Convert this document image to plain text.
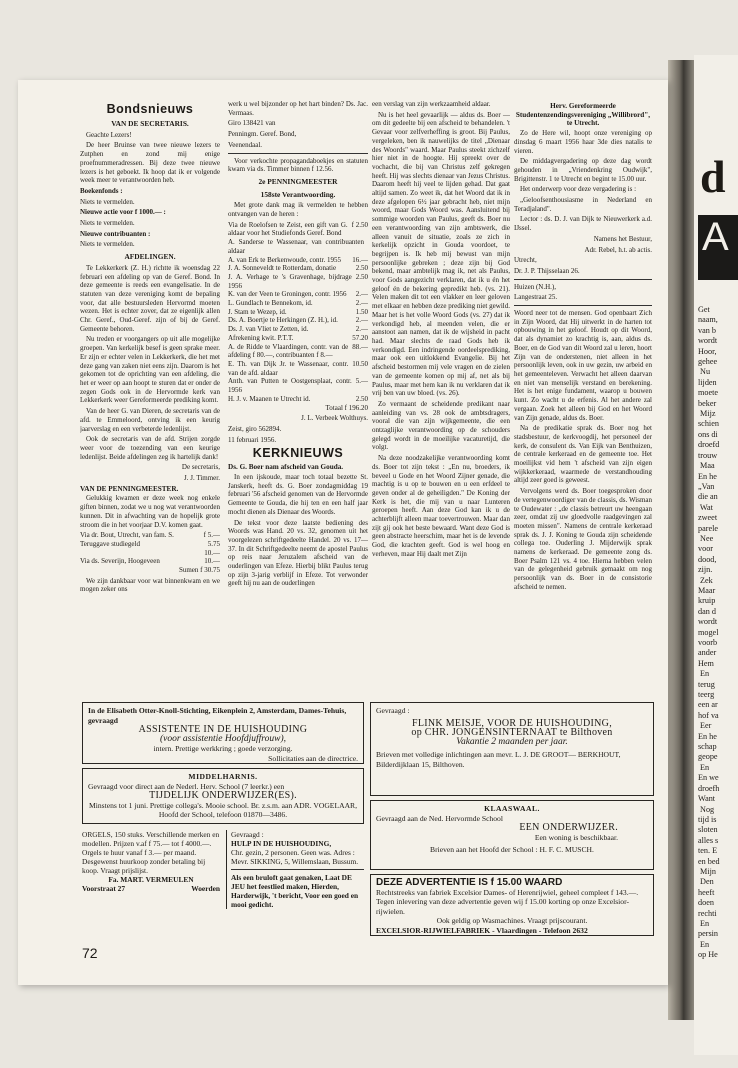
d
A
Get
naam,
van b
wordt
Hoor,
gehee
Nu
lijden
moete
beker
Mijz
schien
ons di
droefd
trouw
Maa
En he
„Van
die an
Wat
zweet
parele
Nee
voor
dood,
zijn.
Zek
Maar
kruip
dan d
wordt
mogel
voorb
ander
Hem
En
terug
teerg
een ar
hof va
Eer
En he
schap
geope
En
En we
droefh
Want
Nog
tijd is
sloten
alles s
ten. E
en bed
Mijn
Den
heeft
doen
rechti
En
persin
En
op He
Bondsnieuws
VAN DE SECRETARIS.

Geachte Lezers!

De heer Bruinse van twee nieuwe lezers te Zutphen en zond mij enige proefnummeradressen. Bij deze twee nieuwe lezers is het geboekt. Ik hoop dat ik er volgende week meer te verantwoorden heb.

Boekenfonds :

Niets te vermelden.

Nieuwe actie voor f 1000.— :

Niets te vermelden.

Nieuwe contribuanten :

Niets te vermelden.

AFDELINGEN.

Te Lekkerkerk (Z. H.) richtte ik woensdag 22 februari een afdeling op van de Geref. Bond. In deze gemeente is reeds een evangelisatie. In de statuten van deze vereniging komt de bepaling voor, dat alle bestuursleden Hervormd moeten wezen. Het is echter zover, dat ze eigenlijk allen Chr. Geref., Oud-Geref. zijn of bij de Geref. Gemeente behoren.

Nu treden er voorgangers op uit alle mogelijke groepen. Van kerkelijk besef is geen sprake meer. Er zijn er echter velen in Lekkerkerk, die het met deze gang van zaken niet eens zijn. Daarom is het gekomen tot de oprichting van een afdeling, die het er weer op aan hoopt te sturen dat er onder de zegen Gods ook in de Hervormde kerk van Lekkerkerk weer Gereformeerde prediking komt.

Van de heer G. van Dieren, de secretaris van de afd. te Emmeloord, ontving ik een keurig jaarverslag en een verbeterde ledenlijst.

Ook de secretaris van de afd. Strijen zorgde weer voor de toezending van een keurige ledenlijst. Beide afdelingen zeg ik hartelijk dank!

De secretaris,

J. J. Timmer.

VAN DE PENNINGMEESTER.

Gelukkig kwamen er deze week nog enkele giften binnen, zodat we u nog wat verantwoorden kunnen. Dit in afwachting van de hopelijk grote stroom die in het voorjaar D.V. komen gaat.

Via dr. Bout, Utrecht, van fam. S.	f 5.—
Teruggave studiegeld	5.75
10.—
Via ds. Severijn, Hoogeveen	10.—

Sumen f 30.75

We zijn dankbaar voor wat binnenkwam en we mogen zeker ons

werk u wel bijzonder op het hart binden? Ds. Jac. Vermaas.

Giro 138421 van

Penningm. Geref. Bond,

Veenendaal.

Voor verkochte propagandaboekjes en statuten kwam via ds. Timmer binnen f 12.56.

2e PENNINGMEESTER
158ste Verantwoording.

Met grote dank mag ik vermelden te hebben ontvangen van de heren :

Via de Roelofsen te Zeist, een gift van G. aldaar voor het Studiefonds Geref. Bond
f 2.50
A. Sanderse te Wassenaar, van contribuanten aldaar
A. van Erk te Berkenwoude, contr. 1955	16.—
J. A. Sonneveldt te Rotterdam, donatie	2.50
J. A. Verhage te 's Gravenhage, bijdrage 1956
2.50
K. van der Veen te Groningen, contr. 1956	2.—
L. Gundlach te Bennekom, id.	2.—
J. Stam te Wezep, id.	1.50
Ds. A. Boertje te Herkingen (Z. H.), id.	2.—
Ds. J. van Vliet te Zetten, id.	2.—
Afrekening kwit. P.T.T.	57.20
A. de Ridde te Vlaardingen, contr. van de afdeling f 80.—, contribuanten f 8.—
88.—
E. Th. van Dijk Jr. te Wassenaar, contr. van de afd. aldaar
10.50
Anth. van Putten te Oostgensplaat, contr. 1956
5.—
H. J. v. Maanen te Utrecht id.	2.50

Totaal f 196.20

J. L. Verbeek Wolthuys.

Zeist, giro 562894.

11 februari 1956.

KERKNIEUWS
Ds. G. Boer nam afscheid van Gouda.

In een ijskoude, maar toch totaal bezette St. Janskerk, heeft ds. G. Boer zondagmiddag 19 februari '56 afscheid genomen van de Hervormde Gemeente te Gouda, die hij ten en een half jaar mocht dienen als Dienaar des Woords.

De tekst voor deze laatste bediening des Woords was Hand. 20 vs. 32, genomen uit het voorgelezen schriftgedeelte Handel. 20 vs. 17—37. In dit Schriftgedeelte neemt de apostel Paulus op reis naar Jeruzalem afscheid van de ouderlingen van Efeze. Hierbij blikt Paulus terug op zijn 3-jarig verblijf in Efeze. Tot verwonder geeft hij nu aan de ouderlingen

een verslag van zijn werkzaamheid aldaar.

Nu is het heel gevaarlijk — aldus ds. Boer — om dit gedeelte bij een afscheid te behandelen. 't Gevaar voor zelfverheffing is groot. Bij Paulus, vergeleken, ben ik nauwelijks de titel „Dienaar des Woords" waard. Maar Paulus steekt zichzelf hier niet in de hoogte. Hij spreekt over de vochacht, die bij van Christus zelf gekregen heeft. Hij was slechts dienaar van Jezus Christus. Daarom heeft hij veel te lijden gehad. Dat gaat altijd samen. Zo weet ik, dat het Woord dat ik in deze afgelopen 6½ jaar gebracht heb, niet mijn woord, maar Gods Woord was. Aansluitend bij sommige woorden van Paulus, geeft ds. Boer nu een verantwoording van zijn ambtswerk, die alleen vanuit de situatie, zoals ze zich in kerkelijk opzicht in Gouda voordoet, te begrijpen is. Ik heb mij bewust van mijn persoonlijke gebreken ; deze zijn bij God bekend, maar ambtelijk mag ik, net als Paulus, voor Gods aangezicht verklaren, dat ik u én het geloof én de bekering gepredikt heb. (vs. 21). Velen maken dit tot een vlakker en leer geloven met elkaar en hebben deze prediking niet gewild. Maar het is het volle Woord Gods (vs. 27) dat ik verkondigd heb, al meenden velen, die er aanstoot aan namen, dat ik de wijsheid in pacht had. Maar slechts de raad Gods heb ik verkondigd. Een indringende oordeelsprediking, maar ook een uitlokkend Evangelie. Bij het afscheid bestormen mij vele vragen en de zielen van de gemeente komen op mij af, net als bij Paulus, maar met hem kan ik nu verklaren dat ik vrij ben van uw bloed. (vs. 26).

Zo vermaant de scheidende predikant naar aanleiding van vs. 28 ook de ambtsdragers, vooral die van zijn wijkgemeente, die een ontzaglijke verantwoording op de schouders gelegd wordt in de moeilijke vacaturetijd, die volgt.

Na deze noodzakelijke verantwoording komt ds. Boer tot zijn tekst : „En nu, broeders, ik beveel u Gode en het Woord Zijner genade, die machtig is u op te bouwen en u een erfdeel te geven onder al de geheiligden." De Koning der Kerk is het, die mij van u naar Lunteren geroepen heeft. Aan deze God kan ik u de achterblijft alleen maar toevertrouwen. Maar dan zijt gij ook het beste bewaard. Want deze God is geen abstracte heerschim, maar het is de levende God, die krachten geeft. God is wel hoog en verheven, maar Hij daalt met Zijn

Herv. Gereformeerde Studentenzendingsvereniging „Willibrord", te Utrecht.

Zo de Here wil, hoopt onze vereniging op dinsdag 6 maart 1956 haar 3de dies natalis te vieren.

De middagvergadering op deze dag wordt gehouden in „Vriendenkring Oudwijk", Brigittenstr. 1 te Utrecht en begint te 15.00 uur.

Het onderwerp voor deze vergadering is :

„Geloofsenthousiasme in Nederland en Teradjaland".

Lector : ds. D. J. van Dijk te Nieuwerkerk a.d. IJssel.

Namens het Bestuur,

Adr. Rebel, h.t. ab actis.

Utrecht,

Dr. J. P. Thijsselaan 26.

Huizen (N.H.),

Langestraat 25.

Woord neer tot de mensen. God openbaart Zich in Zijn Woord, dat Hij uitwerkt in de harten tot opbouwing in het geloof. Houdt op dit Woord, dat als dynamiet zo krachtig is, aan, aldus ds. Boer, en de God van dit Woord zal u leren, hoort Zijn van de onderstenen, niet alleen in het persoonlijk leven, ook in uw gezin, uw arbeid en het gemeenteleven. Verwacht het alleen daarvan en niet van menselijk verstand en berekening. Het is het enige fundament, waarop u bouwen kunt. Zo wacht u de erfenis. Al het andere zal vergaan. Zoek het alleen bij God en het Woord van Zijn genade, aldus ds. Boer.

Na de predikatie sprak ds. Boer nog het stadsbestuur, de kerkvoogdij, het personeel der kerk, de consulent ds. Van Eijk van Benthuizen, de centrale kerkeraad en de gemeente toe. Het moeilijkst vid hem 't afscheid van zijn eigen wijkkerkeraad, waarmede de verstandhouding altijd zeer goed is geweest.

Vervolgens werd ds. Boer toegesproken door de vertegenwoordiger van de classis, ds. Wisman te Oudewater : „de classis betreurt uw heengaan zeer, omdat zij uw gloedvolle raadgevingen zal moeten missen". Namens de centrale kerkeraad sprak ds. J. J. Koning te Gouda zijn scheidende collega toe. Ouderling J. Mijderwijk sprak namens de kerkeraad. De gemeente zong ds. Boer Psalm 121 vs. 4 toe. Hierna hebben velen van de gelegenheid gebruik gemaakt om nog persoonlijk van ds. Boer in de consistorie afscheid te nemen.

In de Elisabeth Otter-Knoll-Stichting, Eikenplein 2, Amsterdam, Dames-Tehuis, gevraagd
ASSISTENTE IN DE HUISHOUDING
(voor assistentie Hoofdjuffrouw),
intern. Prettige werkkring ; goede verzorging.
Sollicitaties aan de directrice.
MIDDELHARNIS.
Gevraagd voor direct aan de Nederl. Herv. School (7 leerkr.) een
TIJDELIJK ONDERWIJZER(ES).
Minstens tot 1 juni. Prettige collega's. Mooie school. Br. z.s.m. aan ADR. VOGELAAR, Hoofd der School, telefoon 01870—3486.
ORGELS, 150 stuks. Verschillende merken en modellen. Prijzen v.af f 75.— tot f 4000.—. Orgels te huur vanaf f 3.— per maand. Desgewenst huurkoop zonder betaling bij koop. Vraagt prijslijst.
Fa. MART. VERMEULEN
Voorstraat 27	Woerden
Gevraagd :
HULP IN DE HUISHOUDING,
Chr. gezin, 2 personen. Geen was. Adres : Mevr. SIKKING, 5, Willemslaan, Bussum.
Als een bruloft gaat genaken, Laat DE JEU het feestlied maken, Hierden, Harderwijk, 't bericht, Voor een goed en mooi gedicht.
Gevraagd :
FLINK MEISJE, VOOR DE HUISHOUDING,
op CHR. JONGENSINTERNAAT te Bilthoven
Vakantie 2 maanden per jaar.
Brieven met volledige inlichtingen aan mevr. L. J. DE GROOT— BERKHOUT, Bilderdijklaan 15, Bilthoven.
KLAASWAAL.
Gevraagd aan de Ned. Hervormde School
EEN ONDERWIJZER.
Een woning is beschikbaar.
Brieven aan het Hoofd der School : H. F. C. MUSCH.
DEZE ADVERTENTIE IS f 15.00 WAARD
Rechtstreeks van fabriek Excelsior Dames- of Herenrijwiel, geheel compleet f 143.—. Tegen inlevering van deze advertentie geven wij f 15.00 korting op onze Excelsior-rijwielen.
Ook geldig op Wasmachines. Vraagt prijscourant.
EXCELSIOR-RIJWIELFABRIEK - Vlaardingen - Telefoon 2632
72
